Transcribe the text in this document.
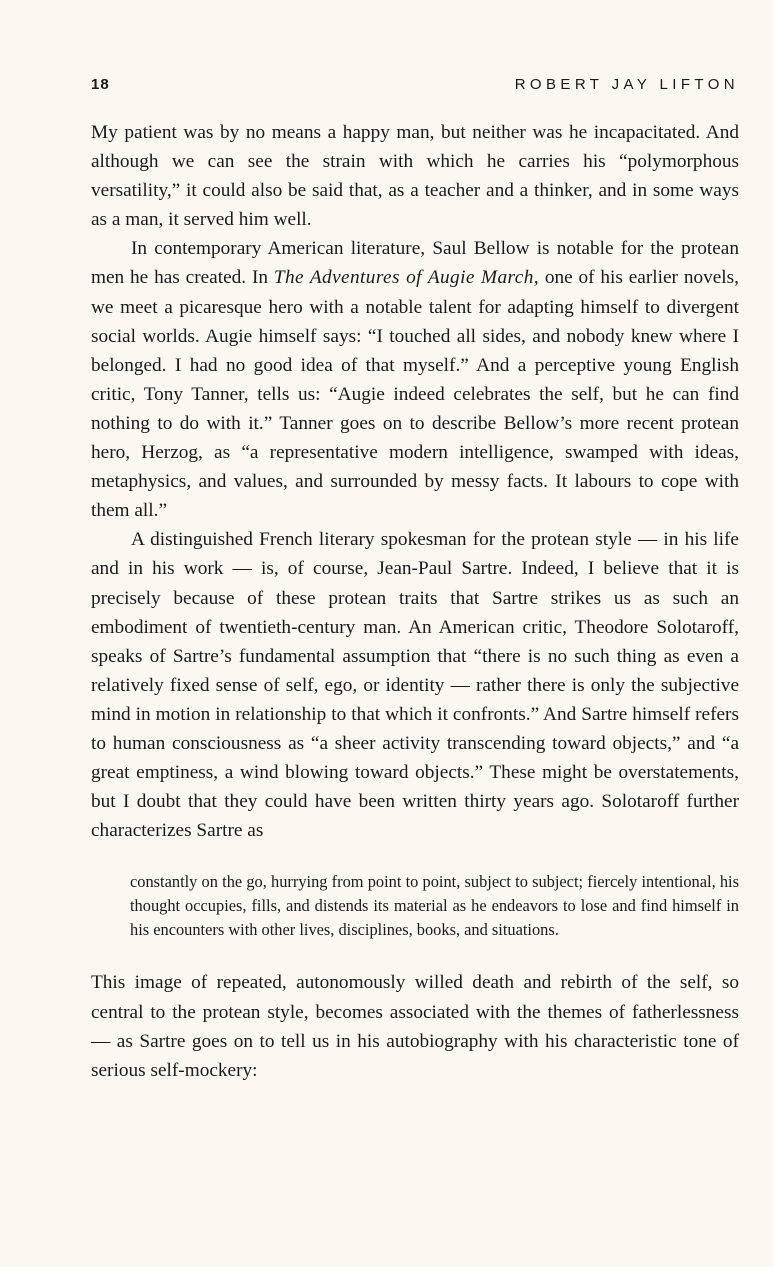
18	ROBERT JAY LIFTON

My patient was by no means a happy man, but neither was he incapacitated. And although we can see the strain with which he carries his “polymorphous versatility,” it could also be said that, as a teacher and a thinker, and in some ways as a man, it served him well.

In contemporary American literature, Saul Bellow is notable for the protean men he has created. In The Adventures of Augie March, one of his earlier novels, we meet a picaresque hero with a notable talent for adapting himself to divergent social worlds. Augie himself says: “I touched all sides, and nobody knew where I belonged. I had no good idea of that myself.” And a perceptive young English critic, Tony Tanner, tells us: “Augie indeed celebrates the self, but he can find nothing to do with it.” Tanner goes on to describe Bellow’s more recent protean hero, Herzog, as “a representative modern intelligence, swamped with ideas, metaphysics, and values, and surrounded by messy facts. It labours to cope with them all.”

A distinguished French literary spokesman for the protean style — in his life and in his work — is, of course, Jean-Paul Sartre. Indeed, I believe that it is precisely because of these protean traits that Sartre strikes us as such an embodiment of twentieth-century man. An American critic, Theodore Solotaroff, speaks of Sartre’s fundamental assumption that “there is no such thing as even a relatively fixed sense of self, ego, or identity — rather there is only the subjective mind in motion in relationship to that which it confronts.” And Sartre himself refers to human consciousness as “a sheer activity transcending toward objects,” and “a great emptiness, a wind blowing toward objects.” These might be overstatements, but I doubt that they could have been written thirty years ago. Solotaroff further characterizes Sartre as

constantly on the go, hurrying from point to point, subject to subject; fiercely intentional, his thought occupies, fills, and distends its material as he endeavors to lose and find himself in his encounters with other lives, disciplines, books, and situations.

This image of repeated, autonomously willed death and rebirth of the self, so central to the protean style, becomes associated with the themes of fatherlessness — as Sartre goes on to tell us in his autobiography with his characteristic tone of serious self-mockery:
